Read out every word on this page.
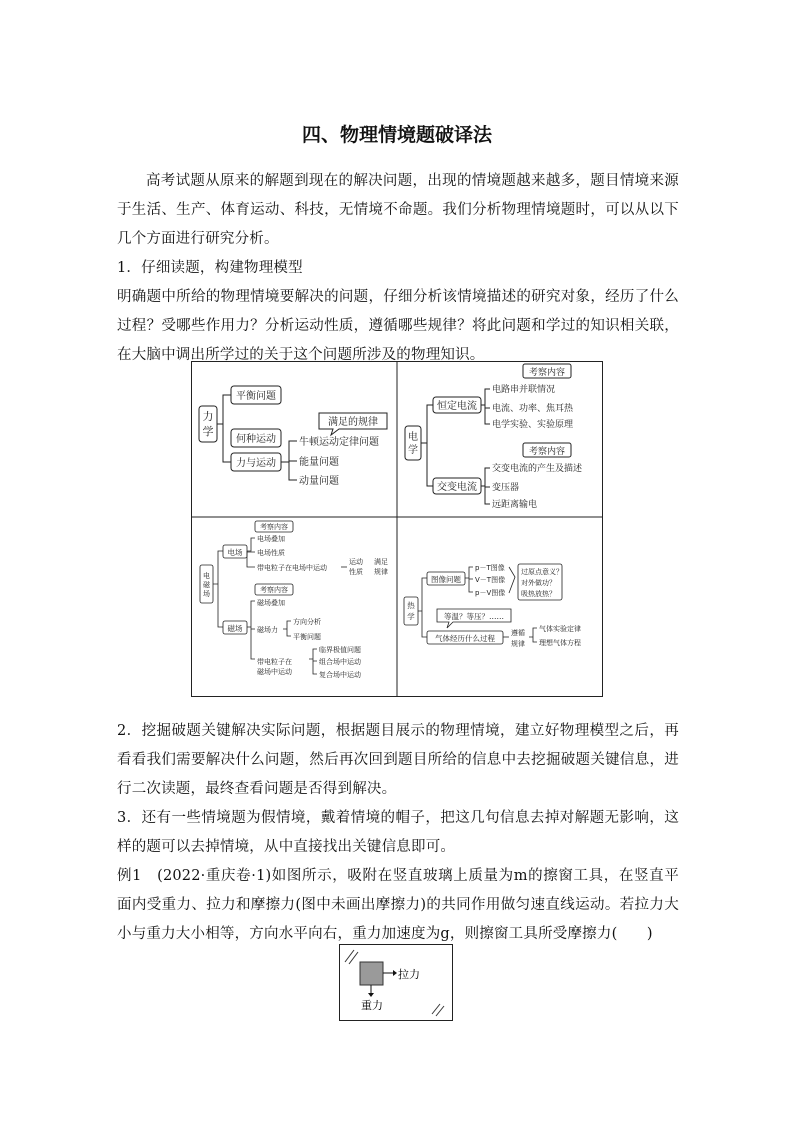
四、物理情境题破译法

高考试题从原来的解题到现在的解决问题，出现的情境题越来越多，题目情境来源于生活、生产、体育运动、科技，无情境不命题。我们分析物理情境题时，可以从以下几个方面进行研究分析。

1．仔细读题，构建物理模型

明确题中所给的物理情境要解决的问题，仔细分析该情境描述的研究对象，经历了什么过程？受哪些作用力？分析运动性质，遵循哪些规律？将此问题和学过的知识相关联，在大脑中调出所学过的关于这个问题所涉及的物理知识。

力
学
平衡问题
何种运动
力与运动
满足的规律
牛顿运动定律问题
能量问题
动量问题
电
学
恒定电流
交变电流
考察内容
考察内容
电路串并联情况
电流、功率、焦耳热
电学实验、实验原理
交变电流的产生及描述
变压器
远距离输电
电
磁
场
电场
磁场
考察内容
考察内容
电场叠加
电场性质
带电粒子在电场中运动
运动
性质
满足
规律
磁场叠加
磁场力
方向分析
平衡问题
带电粒子在
磁场中运动
临界极值问题
组合场中运动
复合场中运动
热
学
图像问题
p－T图像
V－T图像
p－V图像
过原点意义？
对外做功？
吸热放热？
等温？等压？……
气体经历什么过程
遵循
规律
气体实验定律
理想气体方程

2．挖掘破题关键解决实际问题，根据题目展示的物理情境，建立好物理模型之后，再看看我们需要解决什么问题，然后再次回到题目所给的信息中去挖掘破题关键信息，进行二次读题，最终查看问题是否得到解决。

3．还有一些情境题为假情境，戴着情境的帽子，把这几句信息去掉对解题无影响，这样的题可以去掉情境，从中直接找出关键信息即可。

例1　(2022·重庆卷·1)如图所示，吸附在竖直玻璃上质量为m的擦窗工具，在竖直平面内受重力、拉力和摩擦力(图中未画出摩擦力)的共同作用做匀速直线运动。若拉力大小与重力大小相等，方向水平向右，重力加速度为g，则擦窗工具所受摩擦力(　　)

拉力
重力
